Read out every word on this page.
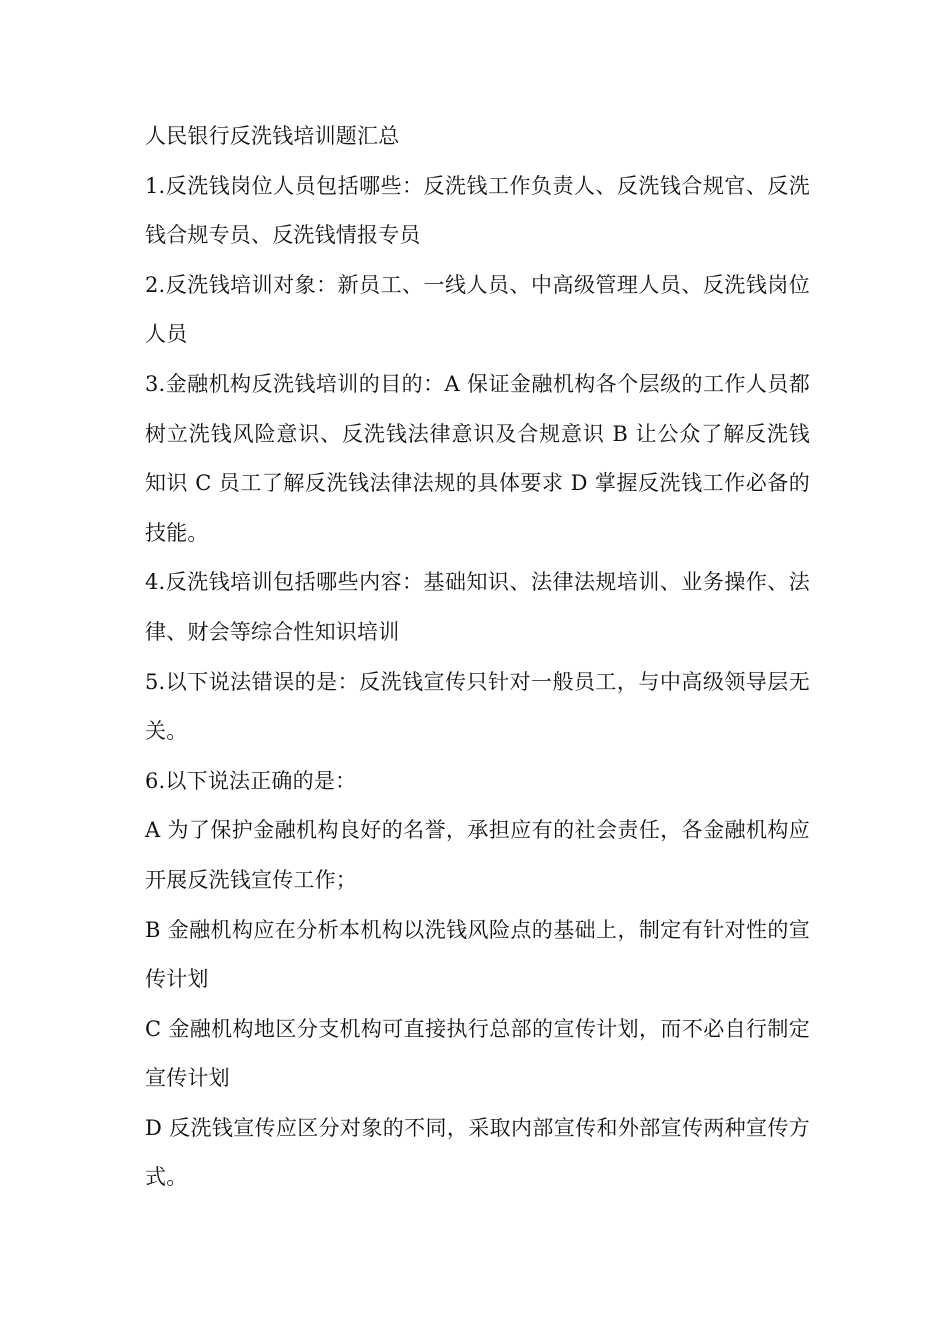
人民银行反洗钱培训题汇总

1.反洗钱岗位人员包括哪些：反洗钱工作负责人、反洗钱合规官、反洗钱合规专员、反洗钱情报专员

2.反洗钱培训对象：新员工、一线人员、中高级管理人员、反洗钱岗位人员

3.金融机构反洗钱培训的目的：A 保证金融机构各个层级的工作人员都树立洗钱风险意识、反洗钱法律意识及合规意识 B 让公众了解反洗钱知识 C 员工了解反洗钱法律法规的具体要求 D 掌握反洗钱工作必备的技能。

4.反洗钱培训包括哪些内容：基础知识、法律法规培训、业务操作、法律、财会等综合性知识培训

5.以下说法错误的是：反洗钱宣传只针对一般员工，与中高级领导层无关。

6.以下说法正确的是：

A 为了保护金融机构良好的名誉，承担应有的社会责任，各金融机构应开展反洗钱宣传工作；

B 金融机构应在分析本机构以洗钱风险点的基础上，制定有针对性的宣传计划

C 金融机构地区分支机构可直接执行总部的宣传计划，而不必自行制定宣传计划

D 反洗钱宣传应区分对象的不同，采取内部宣传和外部宣传两种宣传方式。
